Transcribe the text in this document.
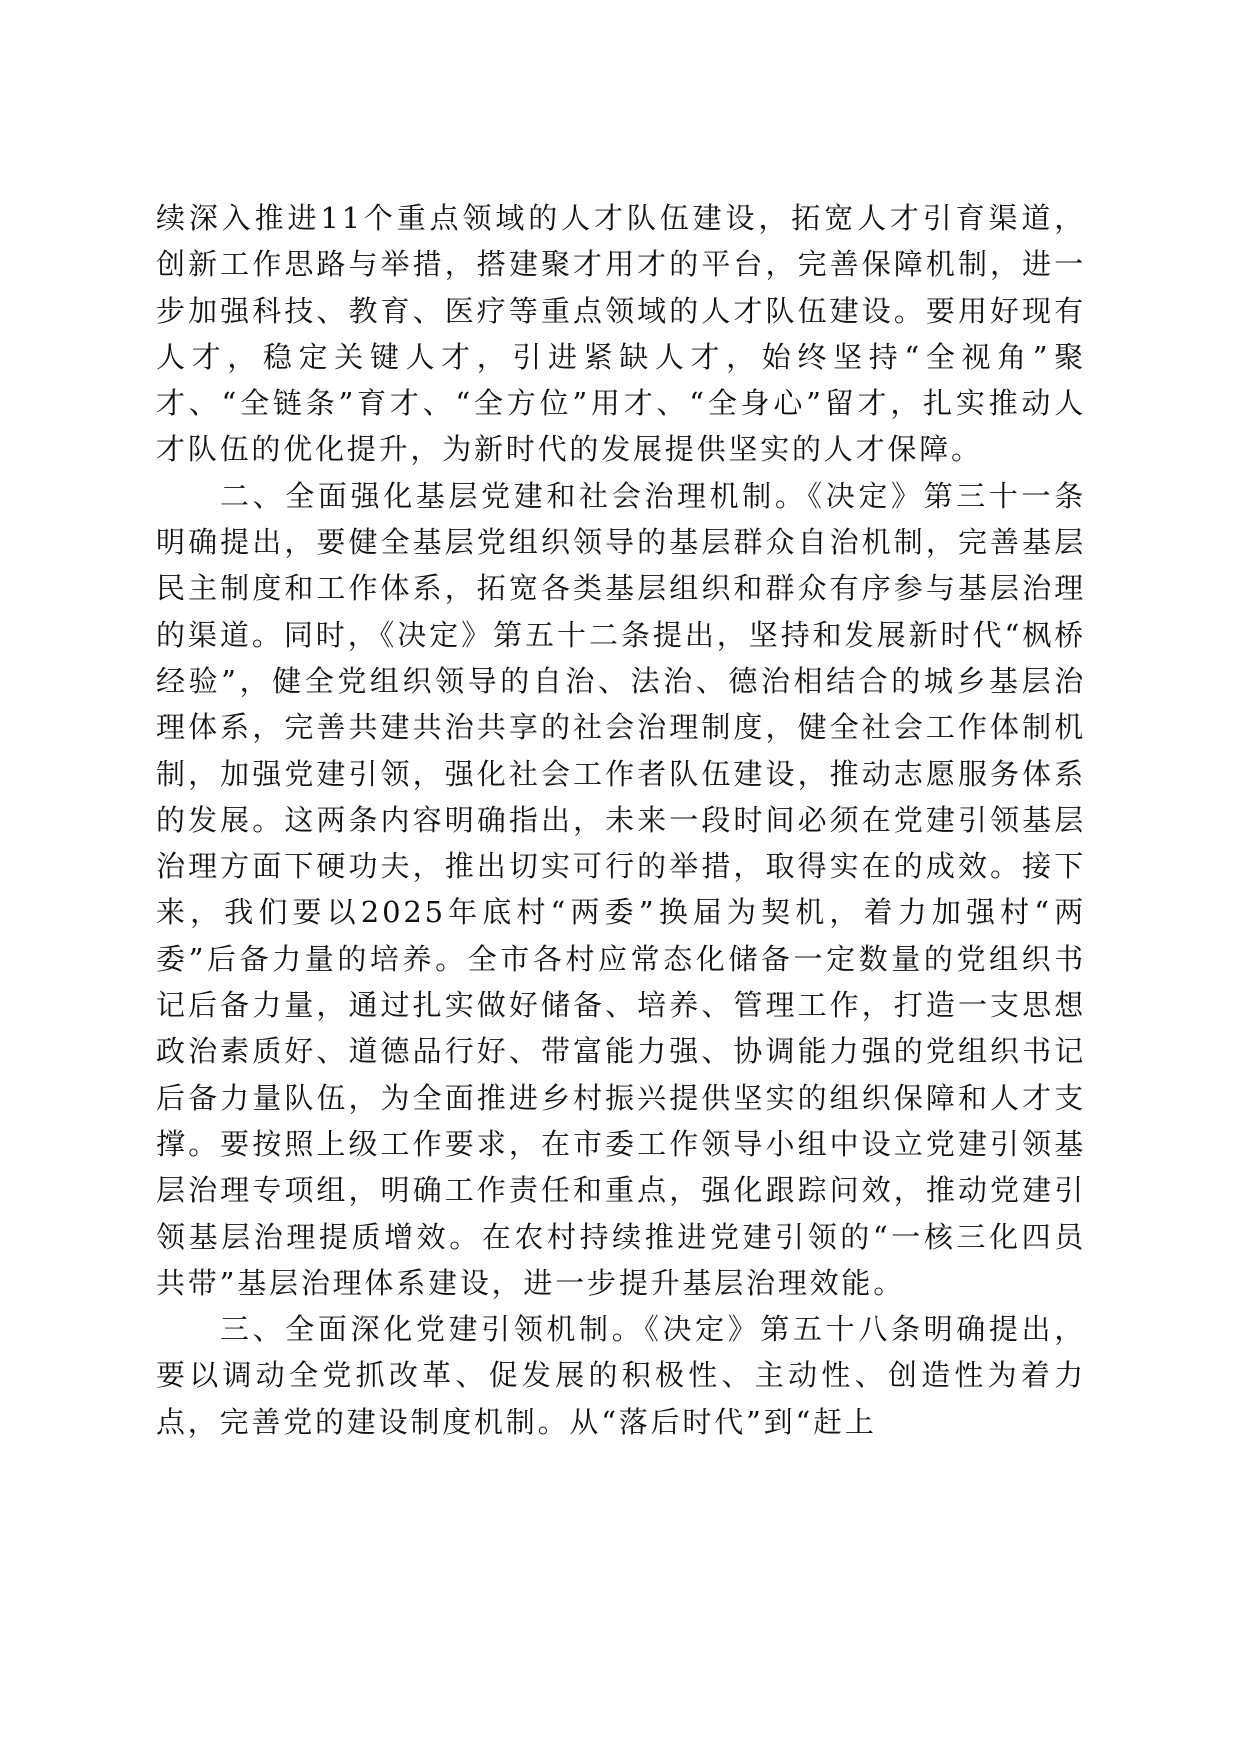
续深入推进11个重点领域的人才队伍建设，拓宽人才引育渠道，创新工作思路与举措，搭建聚才用才的平台，完善保障机制，进一步加强科技、教育、医疗等重点领域的人才队伍建设。要用好现有人才，稳定关键人才，引进紧缺人才，始终坚持“全视角”聚才、“全链条”育才、“全方位”用才、“全身心”留才，扎实推动人才队伍的优化提升，为新时代的发展提供坚实的人才保障。

二、全面强化基层党建和社会治理机制。《决定》第三十一条明确提出，要健全基层党组织领导的基层群众自治机制，完善基层民主制度和工作体系，拓宽各类基层组织和群众有序参与基层治理的渠道。同时，《决定》第五十二条提出，坚持和发展新时代“枫桥经验”，健全党组织领导的自治、法治、德治相结合的城乡基层治理体系，完善共建共治共享的社会治理制度，健全社会工作体制机制，加强党建引领，强化社会工作者队伍建设，推动志愿服务体系的发展。这两条内容明确指出，未来一段时间必须在党建引领基层治理方面下硬功夫，推出切实可行的举措，取得实在的成效。接下来，我们要以2025年底村“两委”换届为契机，着力加强村“两委”后备力量的培养。全市各村应常态化储备一定数量的党组织书记后备力量，通过扎实做好储备、培养、管理工作，打造一支思想政治素质好、道德品行好、带富能力强、协调能力强的党组织书记后备力量队伍，为全面推进乡村振兴提供坚实的组织保障和人才支撑。要按照上级工作要求，在市委工作领导小组中设立党建引领基层治理专项组，明确工作责任和重点，强化跟踪问效，推动党建引领基层治理提质增效。在农村持续推进党建引领的“一核三化四员共带”基层治理体系建设，进一步提升基层治理效能。

三、全面深化党建引领机制。《决定》第五十八条明确提出，要以调动全党抓改革、促发展的积极性、主动性、创造性为着力点，完善党的建设制度机制。从“落后时代”到“赶上
